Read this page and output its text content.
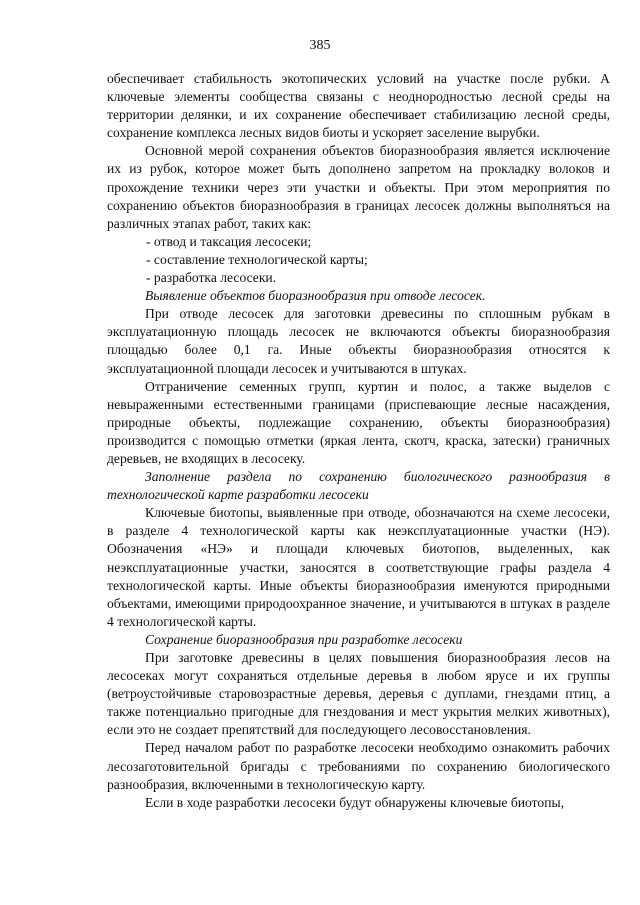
385

обеспечивает стабильность экотопических условий на участке после рубки. А ключевые элементы сообщества связаны с неоднородностью лесной среды на территории делянки, и их сохранение обеспечивает стабилизацию лесной среды, сохранение комплекса лесных видов биоты и ускоряет заселение вырубки.

Основной мерой сохранения объектов биоразнообразия является исключение их из рубок, которое может быть дополнено запретом на прокладку волоков и прохождение техники через эти участки и объекты. При этом мероприятия по сохранению объектов биоразнообразия в границах лесосек должны выполняться на различных этапах работ, таких как:

- отвод и таксация лесосеки;

- составление технологической карты;

- разработка лесосеки.

Выявление объектов биоразнообразия при отводе лесосек.

При отводе лесосек для заготовки древесины по сплошным рубкам в эксплуатационную площадь лесосек не включаются объекты биоразнообразия площадью более 0,1 га. Иные объекты биоразнообразия относятся к эксплуатационной площади лесосек и учитываются в штуках.

Отграничение семенных групп, куртин и полос, а также выделов с невыраженными естественными границами (приспевающие лесные насаждения, природные объекты, подлежащие сохранению, объекты биоразнообразия) производится с помощью отметки (яркая лента, скотч, краска, затески) граничных деревьев, не входящих в лесосеку.

Заполнение раздела по сохранению биологического разнообразия в технологической карте разработки лесосеки

Ключевые биотопы, выявленные при отводе, обозначаются на схеме лесосеки, в разделе 4 технологической карты как неэксплуатационные участки (НЭ). Обозначения «НЭ» и площади ключевых биотопов, выделенных, как неэксплуатационные участки, заносятся в соответствующие графы раздела 4 технологической карты. Иные объекты биоразнообразия именуются природными объектами, имеющими природоохранное значение, и учитываются в штуках в разделе 4 технологической карты.

Сохранение биоразнообразия при разработке лесосеки

При заготовке древесины в целях повышения биоразнообразия лесов на лесосеках могут сохраняться отдельные деревья в любом ярусе и их группы (ветроустойчивые старовозрастные деревья, деревья с дуплами, гнездами птиц, а также потенциально пригодные для гнездования и мест укрытия мелких животных), если это не создает препятствий для последующего лесовосстановления.

Перед началом работ по разработке лесосеки необходимо ознакомить рабочих лесозаготовительной бригады с требованиями по сохранению биологического разнообразия, включенными в технологическую карту.

Если в ходе разработки лесосеки будут обнаружены ключевые биотопы,
